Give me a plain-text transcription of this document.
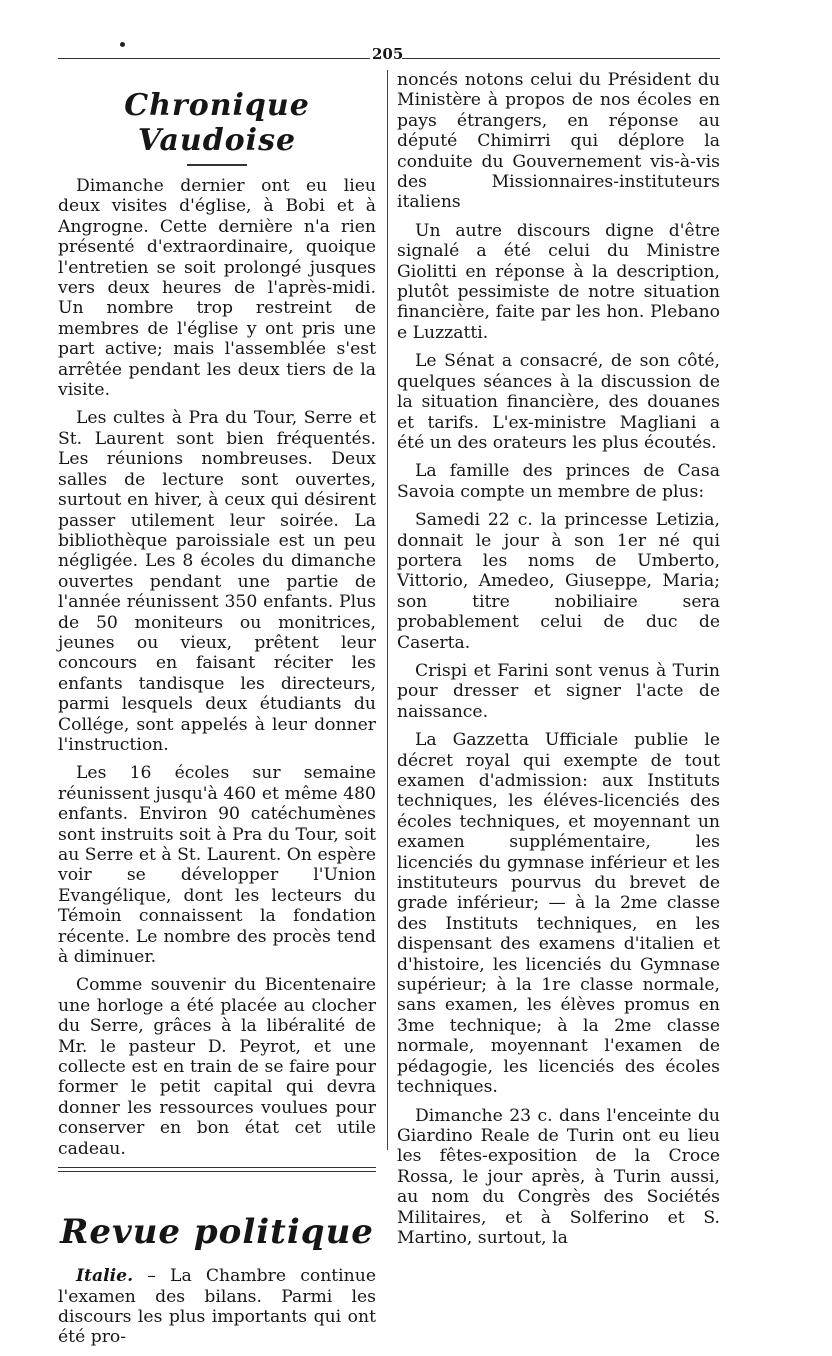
205
Chronique Vaudoise

Dimanche dernier ont eu lieu deux visites d'église, à Bobi et à Angrogne. Cette dernière n'a rien présenté d'extraordinaire, quoique l'entretien se soit prolongé jusques vers deux heures de l'après-midi. Un nombre trop restreint de membres de l'église y ont pris une part active; mais l'assemblée s'est arrêtée pendant les deux tiers de la visite.

Les cultes à Pra du Tour, Serre et St. Laurent sont bien fréquentés. Les réunions nombreuses. Deux salles de lecture sont ouvertes, surtout en hiver, à ceux qui désirent passer utilement leur soirée. La bibliothèque paroissiale est un peu négligée. Les 8 écoles du dimanche ouvertes pendant une partie de l'année réunissent 350 enfants. Plus de 50 moniteurs ou monitrices, jeunes ou vieux, prêtent leur concours en faisant réciter les enfants tandisque les directeurs, parmi lesquels deux étudiants du Collége, sont appelés à leur donner l'instruction.

Les 16 écoles sur semaine réunissent jusqu'à 460 et même 480 enfants. Environ 90 catéchumènes sont instruits soit à Pra du Tour, soit au Serre et à St. Laurent. On espère voir se développer l'Union Evangélique, dont les lecteurs du Témoin connaissent la fondation récente. Le nombre des procès tend à diminuer.

Comme souvenir du Bicentenaire une horloge a été placée au clocher du Serre, grâces à la libéralité de Mr. le pasteur D. Peyrot, et une collecte est en train de se faire pour former le petit capital qui devra donner les ressources voulues pour conserver en bon état cet utile cadeau.

Revue politique

Italie. – La Chambre continue l'examen des bilans. Parmi les discours les plus importants qui ont été pro-

noncés notons celui du Président du Ministère à propos de nos écoles en pays étrangers, en réponse au député Chimirri qui déplore la conduite du Gouvernement vis-à-vis des Missionnaires-instituteurs italiens

Un autre discours digne d'être signalé a été celui du Ministre Giolitti en réponse à la description, plutôt pessimiste de notre situation financière, faite par les hon. Plebano e Luzzatti.

Le Sénat a consacré, de son côté, quelques séances à la discussion de la situation financière, des douanes et tarifs. L'ex-ministre Magliani a été un des orateurs les plus écoutés.

La famille des princes de Casa Savoia compte un membre de plus:

Samedi 22 c. la princesse Letizia, donnait le jour à son 1er né qui portera les noms de Umberto, Vittorio, Amedeo, Giuseppe, Maria; son titre nobiliaire sera probablement celui de duc de Caserta.

Crispi et Farini sont venus à Turin pour dresser et signer l'acte de naissance.

La Gazzetta Ufficiale publie le décret royal qui exempte de tout examen d'admission: aux Instituts techniques, les éléves-licenciés des écoles techniques, et moyennant un examen supplémentaire, les licenciés du gymnase inférieur et les instituteurs pourvus du brevet de grade inférieur; — à la 2me classe des Instituts techniques, en les dispensant des examens d'italien et d'histoire, les licenciés du Gymnase supérieur; à la 1re classe normale, sans examen, les élèves promus en 3me technique; à la 2me classe normale, moyennant l'examen de pédagogie, les licenciés des écoles techniques.

Dimanche 23 c. dans l'enceinte du Giardino Reale de Turin ont eu lieu les fêtes-exposition de la Croce Rossa, le jour après, à Turin aussi, au nom du Congrès des Sociétés Militaires, et à Solferino et S. Martino, surtout, la
